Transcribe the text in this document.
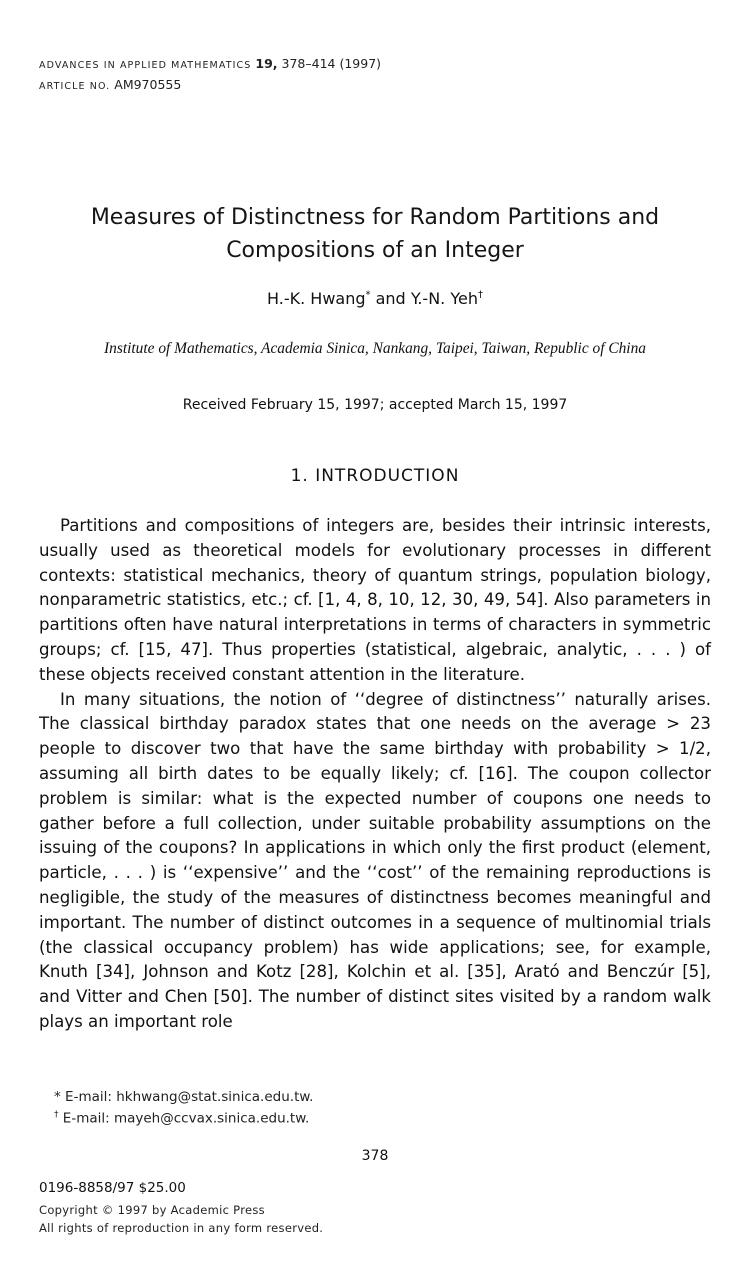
ADVANCES IN APPLIED MATHEMATICS 19, 378–414 (1997)
ARTICLE NO. AM970555
Measures of Distinctness for Random Partitions and
Compositions of an Integer
H.-K. Hwang* and Y.-N. Yeh†
Institute of Mathematics, Academia Sinica, Nankang, Taipei, Taiwan, Republic of China
Received February 15, 1997; accepted March 15, 1997
1. INTRODUCTION

Partitions and compositions of integers are, besides their intrinsic interests, usually used as theoretical models for evolutionary processes in different contexts: statistical mechanics, theory of quantum strings, population biology, nonparametric statistics, etc.; cf. [1, 4, 8, 10, 12, 30, 49, 54]. Also parameters in partitions often have natural interpretations in terms of characters in symmetric groups; cf. [15, 47]. Thus properties (statistical, algebraic, analytic, . . . ) of these objects received constant attention in the literature.

In many situations, the notion of ‘‘degree of distinctness’’ naturally arises. The classical birthday paradox states that one needs on the average > 23 people to discover two that have the same birthday with probability > 1/2, assuming all birth dates to be equally likely; cf. [16]. The coupon collector problem is similar: what is the expected number of coupons one needs to gather before a full collection, under suitable probability assumptions on the issuing of the coupons? In applications in which only the first product (element, particle, . . . ) is ‘‘expensive’’ and the ‘‘cost’’ of the remaining reproductions is negligible, the study of the measures of distinctness becomes meaningful and important. The number of distinct outcomes in a sequence of multinomial trials (the classical occupancy problem) has wide applications; see, for example, Knuth [34], Johnson and Kotz [28], Kolchin et al. [35], Arató and Benczúr [5], and Vitter and Chen [50]. The number of distinct sites visited by a random walk plays an important role

* E-mail: hkhwang@stat.sinica.edu.tw.
† E-mail: mayeh@ccvax.sinica.edu.tw.
378
0196-8858/97 $25.00
Copyright © 1997 by Academic Press
All rights of reproduction in any form reserved.
